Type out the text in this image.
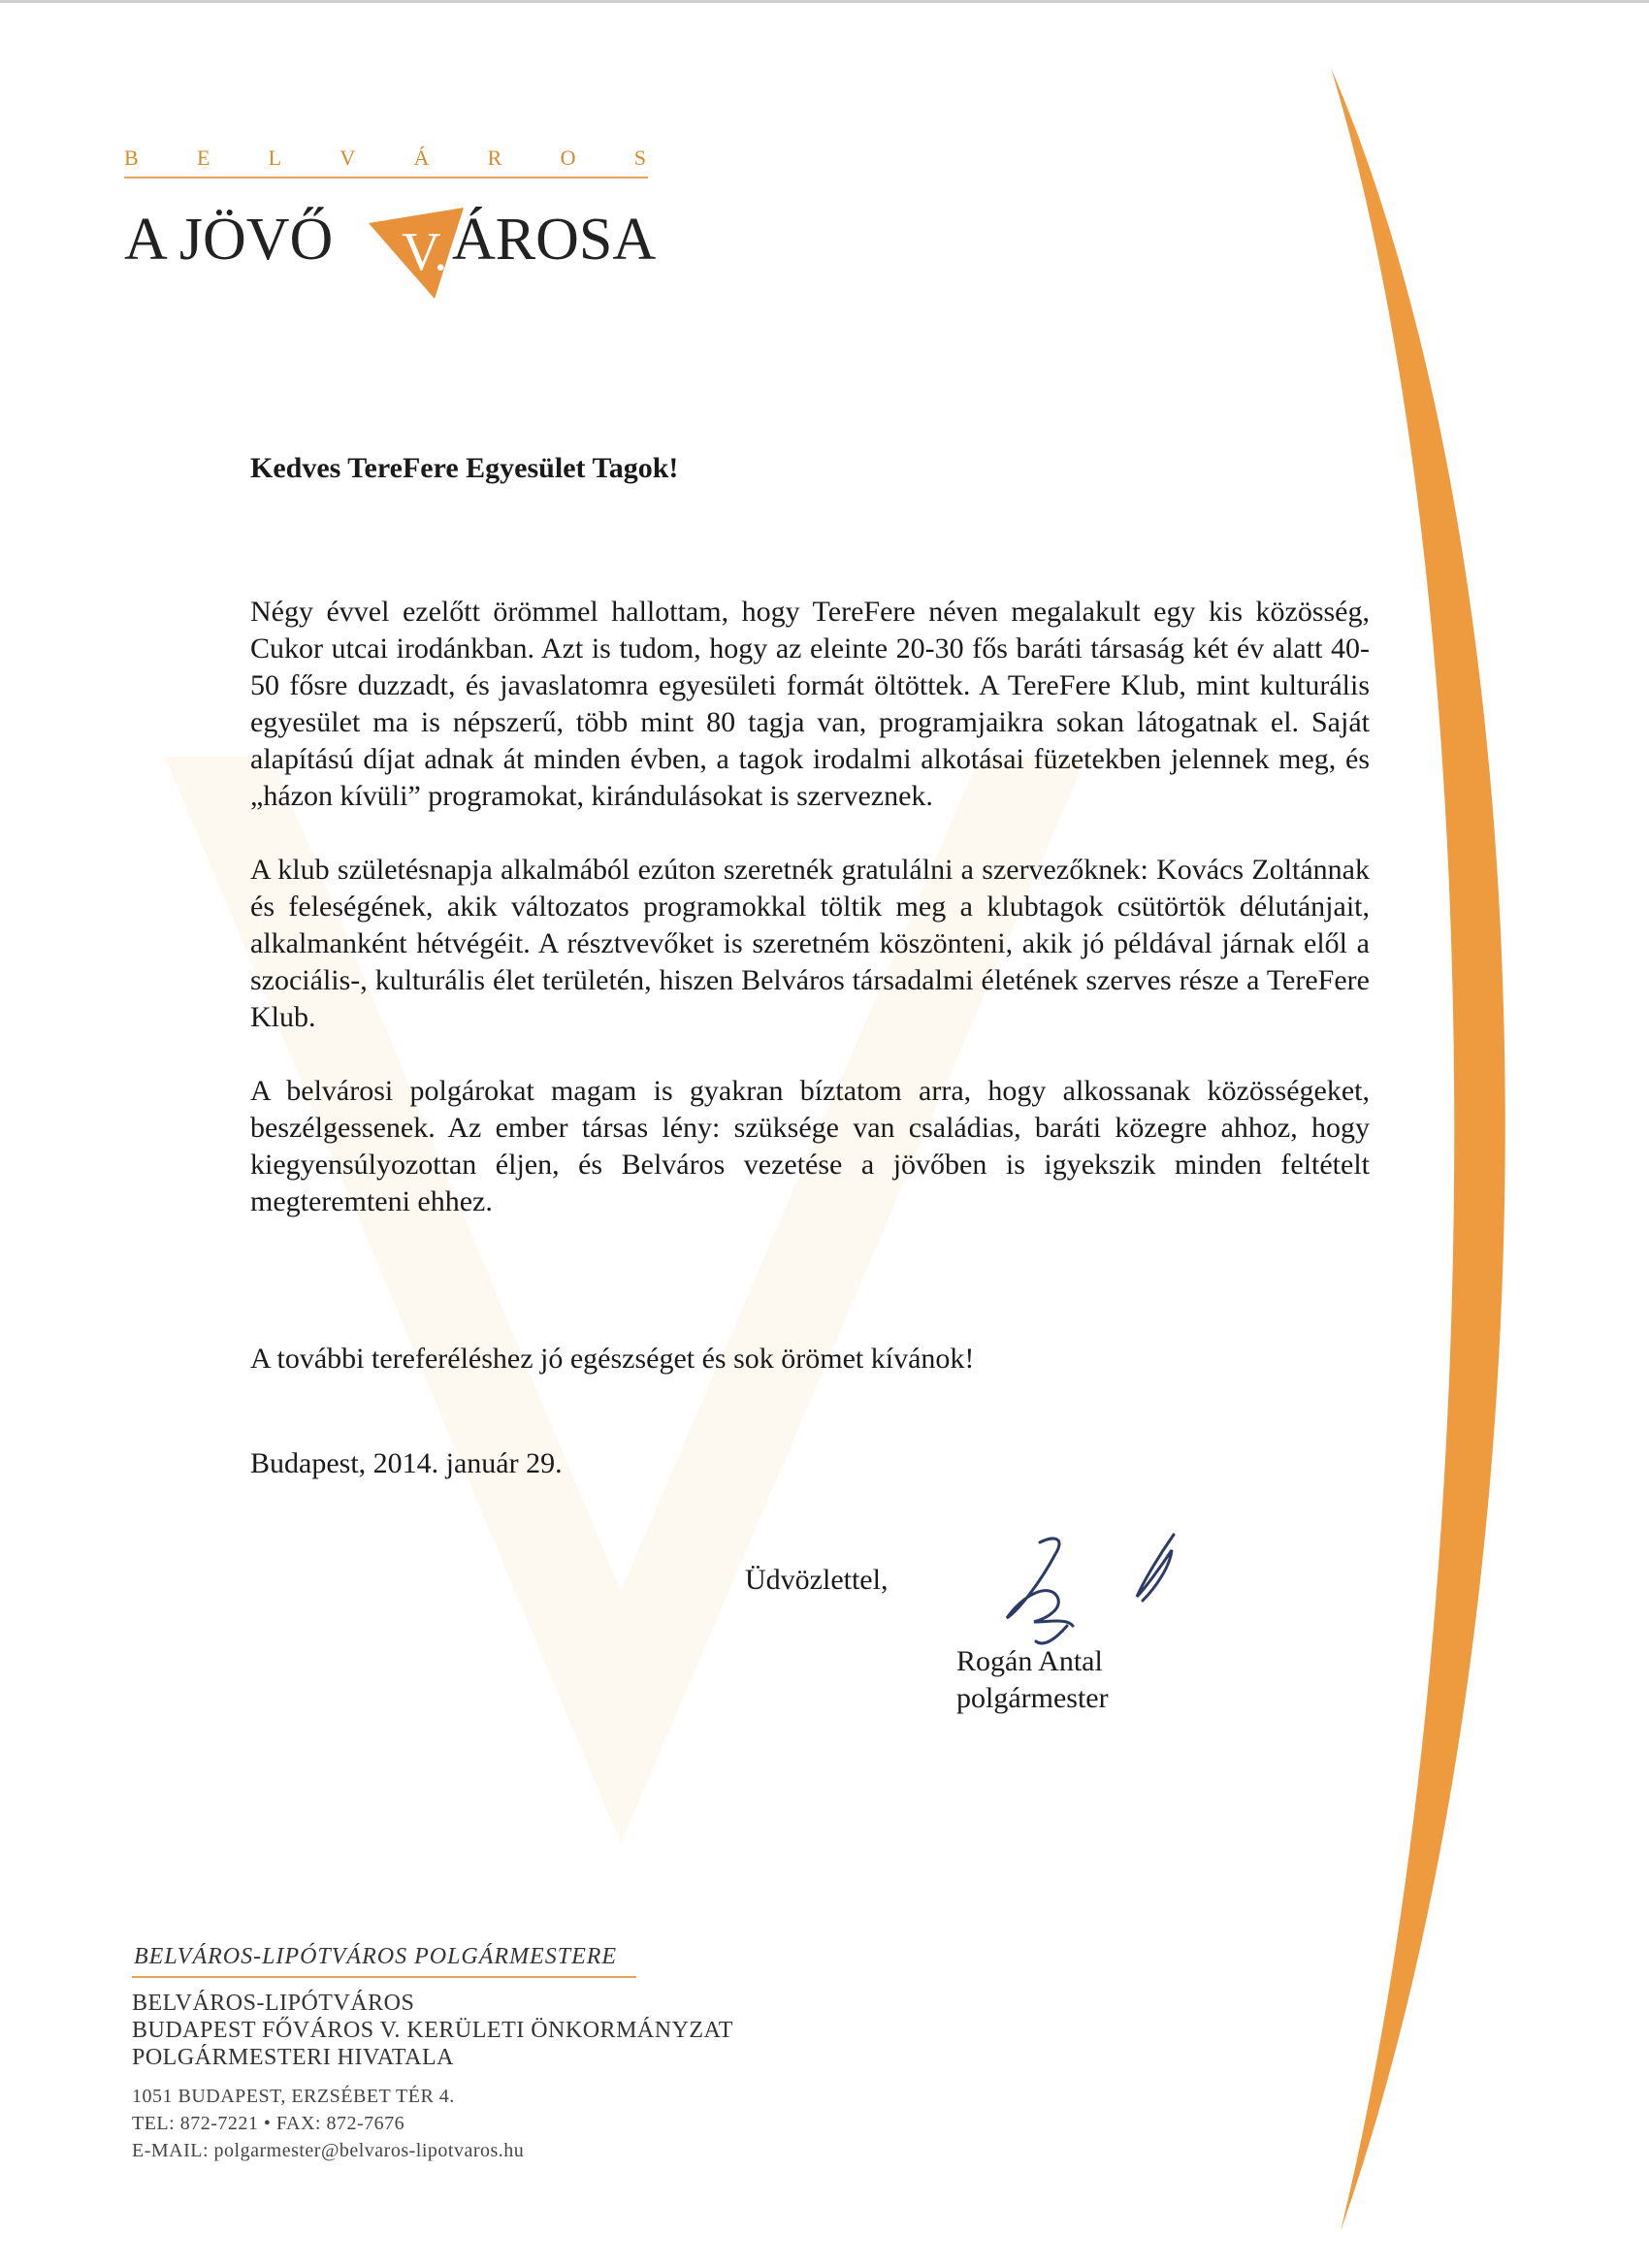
B	E	L	V	Á	R	O	S
A JÖVŐ V. ÁROSA
Kedves TereFere Egyesület Tagok!

Négy évvel ezelőtt örömmel hallottam, hogy TereFere néven megalakult egy kis közösség, Cukor utcai irodánkban. Azt is tudom, hogy az eleinte 20-30 fős baráti társaság két év alatt 40-50 fősre duzzadt, és javaslatomra egyesületi formát öltöttek. A TereFere Klub, mint kulturális egyesület ma is népszerű, több mint 80 tagja van, programjaikra sokan látogatnak el. Saját alapítású díjat adnak át minden évben, a tagok irodalmi alkotásai füzetekben jelennek meg, és „házon kívüli” programokat, kirándulásokat is szerveznek.

A klub születésnapja alkalmából ezúton szeretnék gratulálni a szervezőknek: Kovács Zoltánnak és feleségének, akik változatos programokkal töltik meg a klubtagok csütörtök délutánjait, alkalmanként hétvégéit. A résztvevőket is szeretném köszönteni, akik jó példával járnak elől a szociális-, kulturális élet területén, hiszen Belváros társadalmi életének szerves része a TereFere Klub.

A belvárosi polgárokat magam is gyakran bíztatom arra, hogy alkossanak közösségeket, beszélgessenek. Az ember társas lény: szüksége van családias, baráti közegre ahhoz, hogy kiegyensúlyozottan éljen, és Belváros vezetése a jövőben is igyekszik minden feltételt megteremteni ehhez.

A további tereferéléshez jó egészséget és sok örömet kívánok!
Budapest, 2014. január 29.
Üdvözlettel,
Rogán Antal
polgármester
BELVÁROS-LIPÓTVÁROS POLGÁRMESTERE
BELVÁROS-LIPÓTVÁROS
BUDAPEST FŐVÁROS V. KERÜLETI ÖNKORMÁNYZAT
POLGÁRMESTERI HIVATALA
1051 BUDAPEST, ERZSÉBET TÉR 4.
TEL: 872-7221 • FAX: 872-7676
E-MAIL: polgarmester@belvaros-lipotvaros.hu
